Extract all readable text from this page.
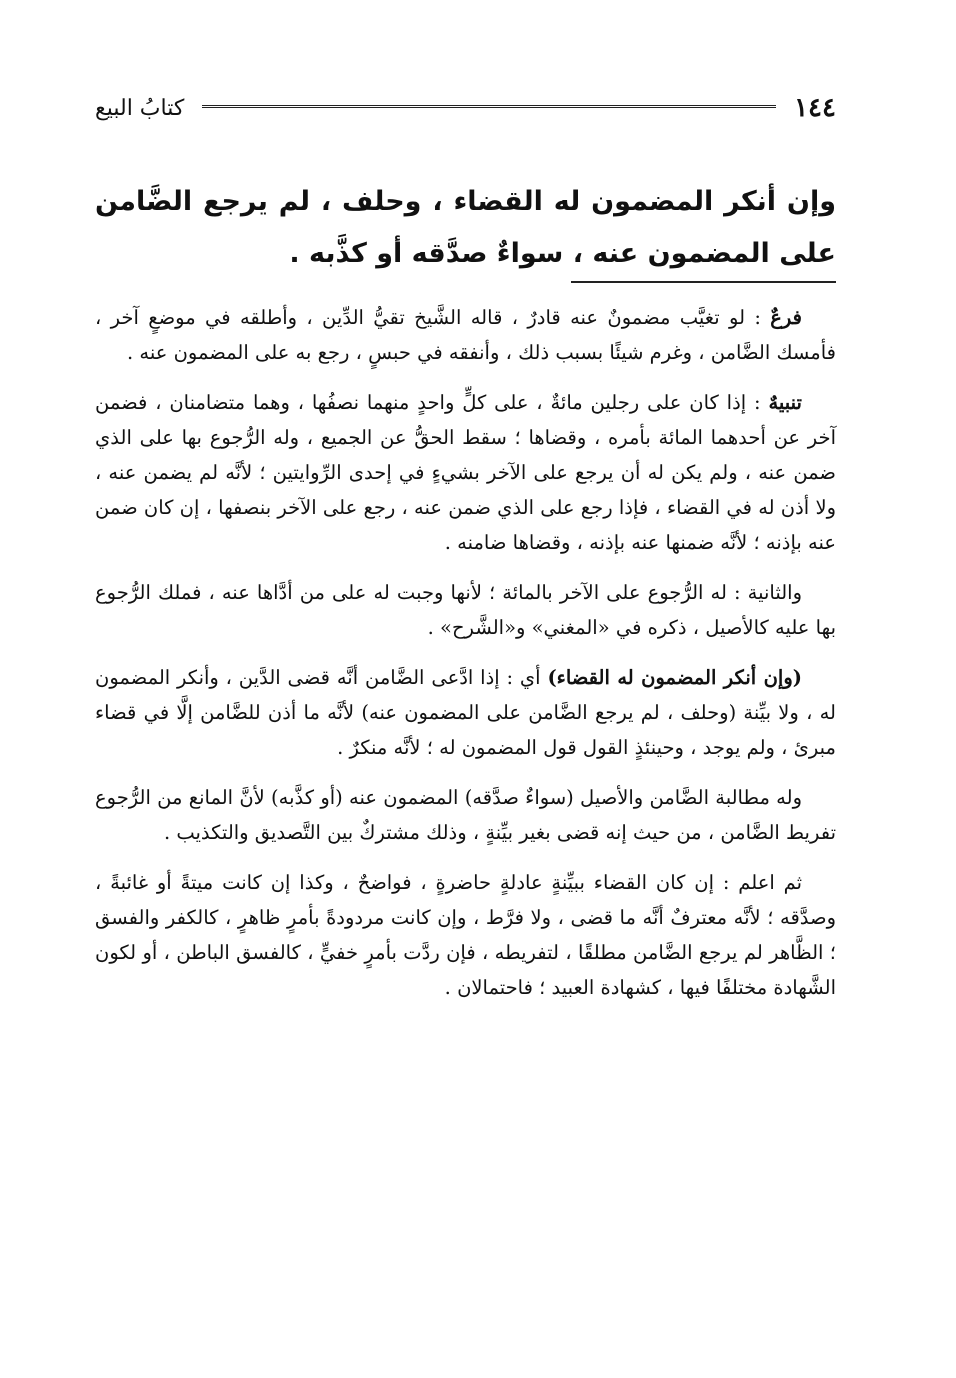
١٤٤
كتابُ البيع
وإن أنكر المضمون له القضاء ، وحلف ، لم يرجع الضَّامن على المضمون عنه ، سواءٌ صدَّقه أو كذَّبه .

فرعٌ : لو تغيَّب مضمونٌ عنه قادرٌ ، قاله الشَّيخ تقيُّ الدِّين ، وأطلقه في موضعٍ آخر ، فأمسك الضَّامن ، وغرم شيئًا بسبب ذلك ، وأنفقه في حبسٍ ، رجع به على المضمون عنه .

تنبيهٌ : إذا كان على رجلين مائةٌ ، على كلٍّ واحدٍ منهما نصفُها ، وهما متضامنان ، فضمن آخر عن أحدهما المائة بأمره ، وقضاها ؛ سقط الحقُّ عن الجميع ، وله الرُّجوع بها على الذي ضمن عنه ، ولم يكن له أن يرجع على الآخر بشيءٍ في إحدى الرِّوايتين ؛ لأنَّه لم يضمن عنه ، ولا أذن له في القضاء ، فإذا رجع على الذي ضمن عنه ، رجع على الآخر بنصفها ، إن كان ضمن عنه بإذنه ؛ لأنَّه ضمنها عنه بإذنه ، وقضاها ضامنه .

والثانية : له الرُّجوع على الآخر بالمائة ؛ لأنها وجبت له على من أدَّاها عنه ، فملك الرُّجوع بها عليه كالأصيل ، ذكره في «المغني» و«الشَّرح» .

(وإن أنكر المضمون له القضاء) أي : إذا ادَّعى الضَّامن أنَّه قضى الدَّين ، وأنكر المضمون له ، ولا بيِّنة (وحلف ، لم يرجع الضَّامن على المضمون عنه) لأنَّه ما أذن للضَّامن إلَّا في قضاء مبرئ ، ولم يوجد ، وحينئذٍ القول قول المضمون له ؛ لأنَّه منكرٌ .

وله مطالبة الضَّامن والأصيل (سواءٌ صدَّقه) المضمون عنه (أو كذَّبه) لأنَّ المانع من الرُّجوع تفريط الضَّامن ، من حيث إنه قضى بغير بيِّنةٍ ، وذلك مشتركٌ بين التَّصديق والتكذيب .

ثم اعلم : إن كان القضاء ببيِّنةٍ عادلةٍ حاضرةٍ ، فواضحٌ ، وكذا إن كانت ميتةً أو غائبةً ، وصدَّقه ؛ لأنَّه معترفٌ أنَّه ما قضى ، ولا فرَّط ، وإن كانت مردودةً بأمرٍ ظاهرٍ ، كالكفر والفسق ؛ الظَّاهر لم يرجع الضَّامن مطلقًا ، لتفريطه ، فإن ردَّت بأمرٍ خفيٍّ ، كالفسق الباطن ، أو لكون الشَّهادة مختلفًا فيها ، كشهادة العبيد ؛ فاحتمالان .
